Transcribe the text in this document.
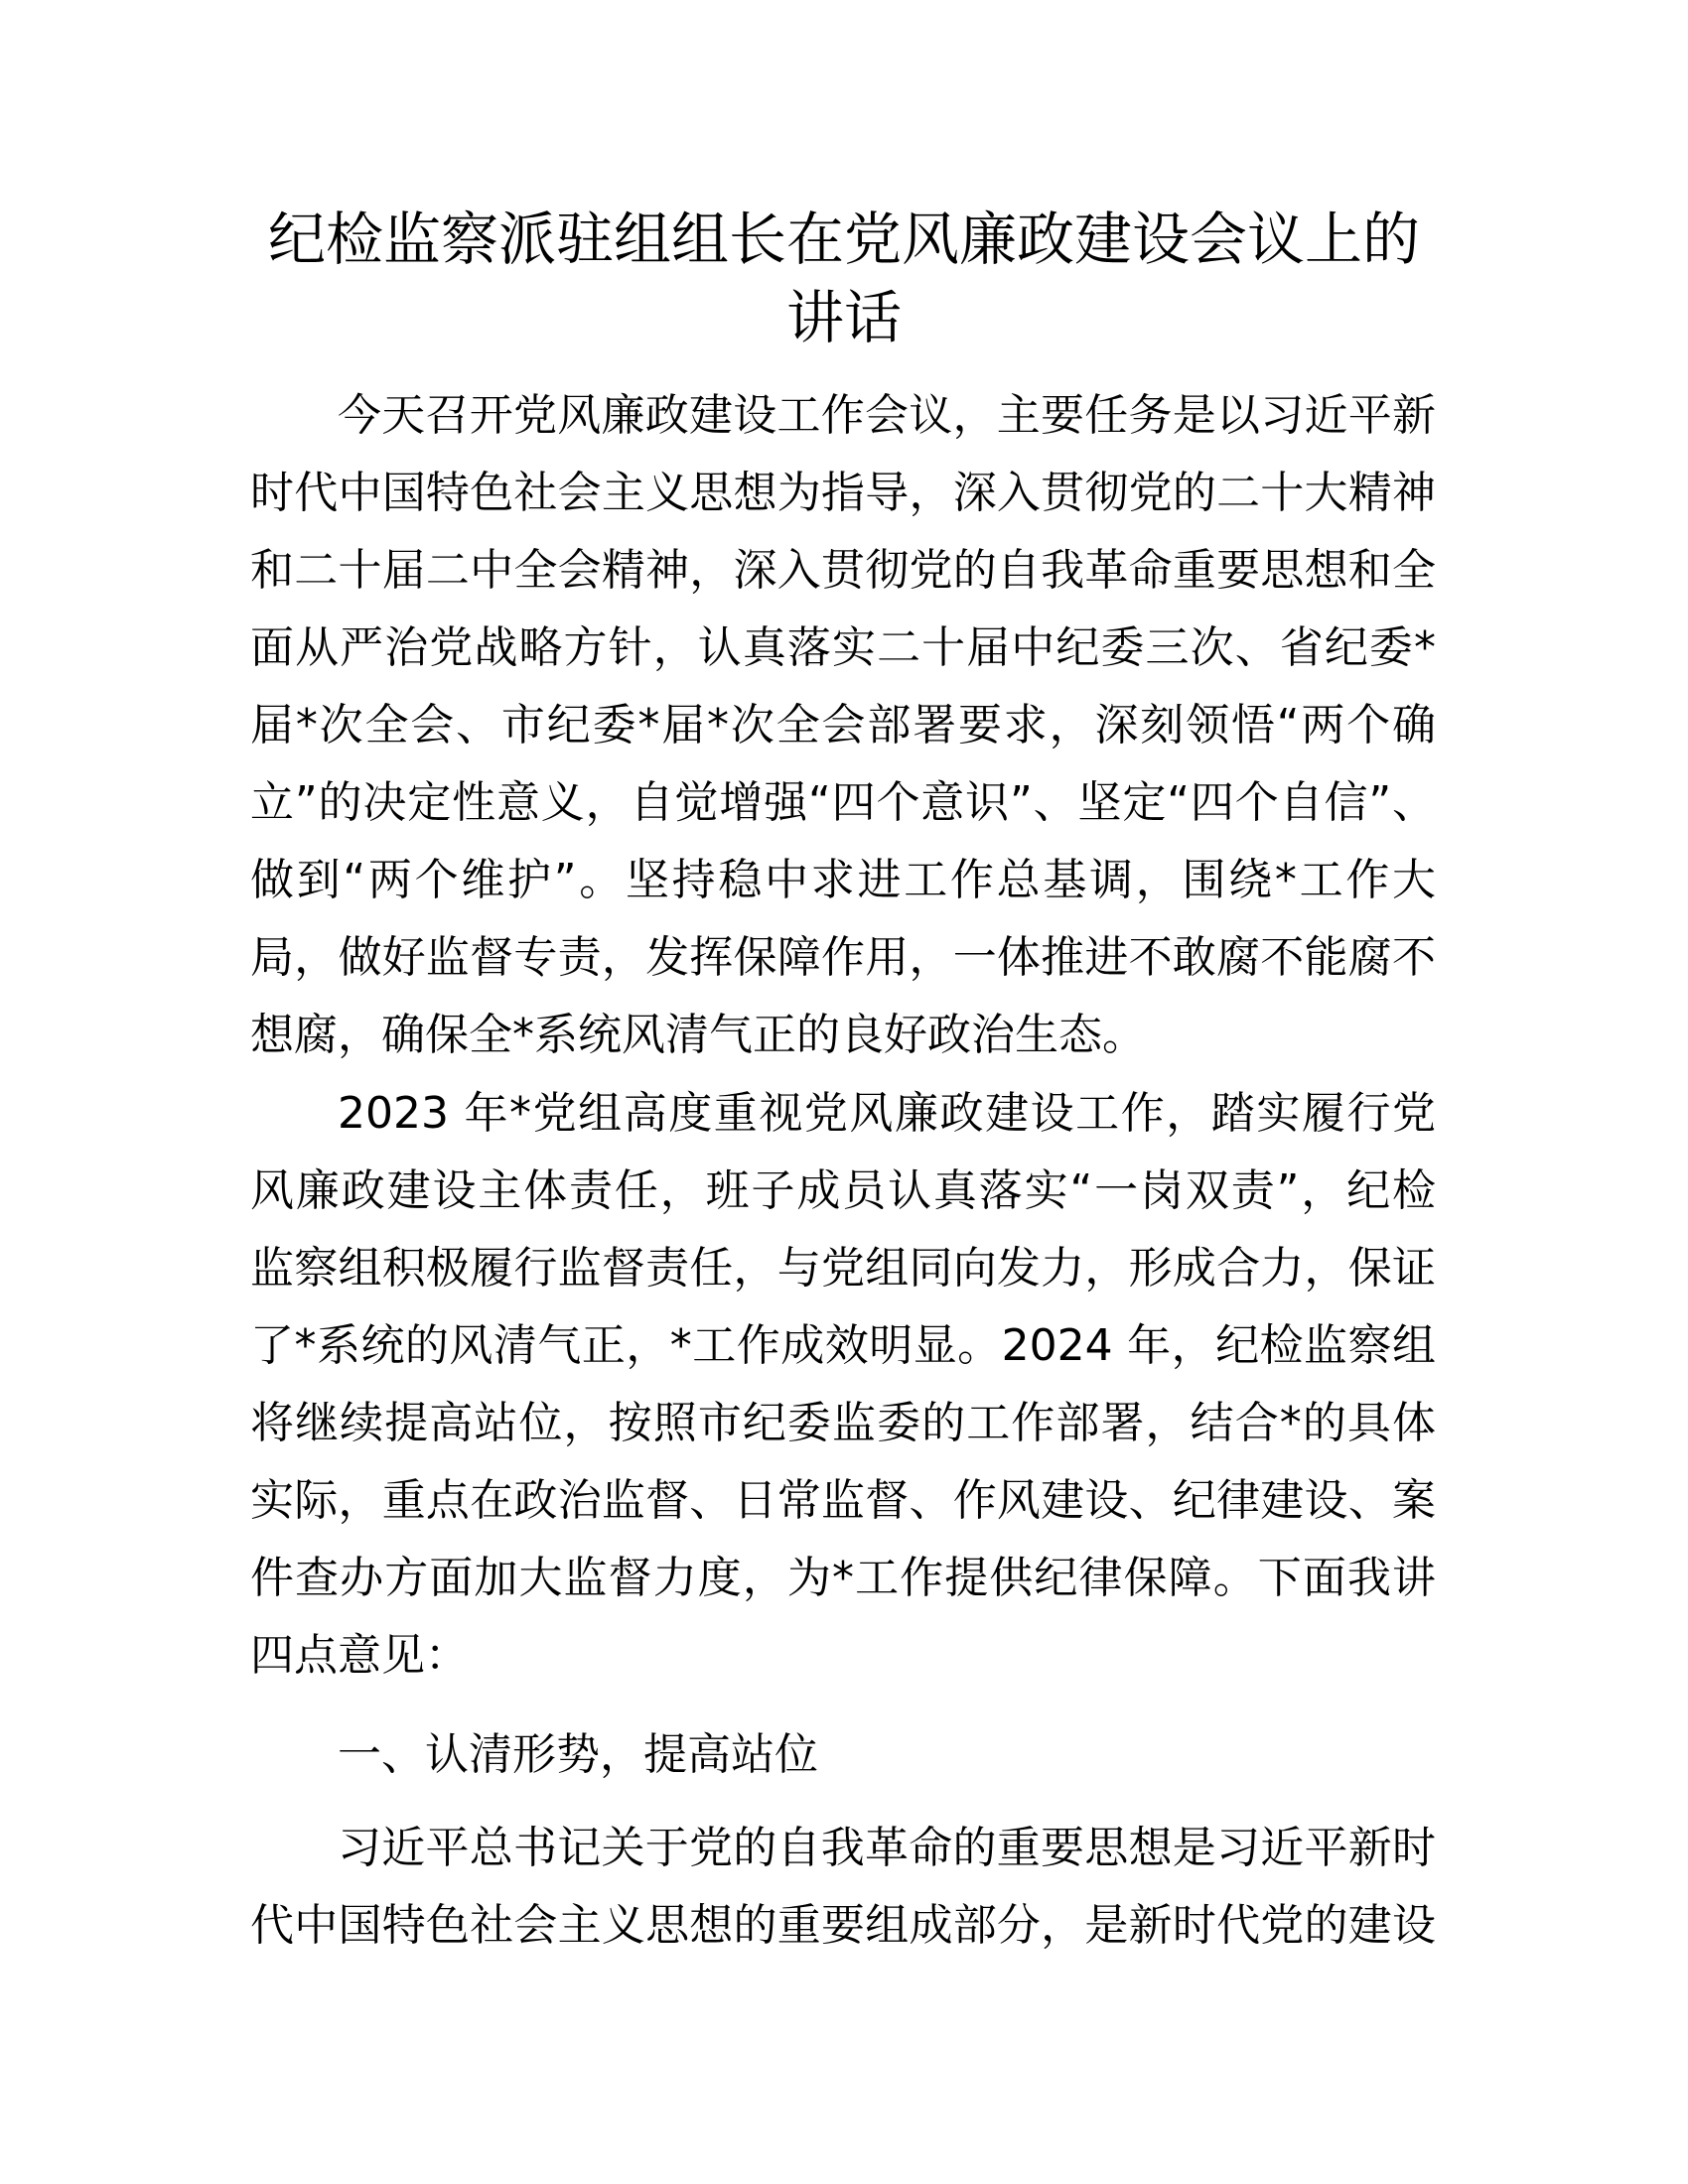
纪检监察派驻组组长在党风廉政建设会议上的
讲话
今天召开党风廉政建设工作会议，主要任务是以习近平新
时代中国特色社会主义思想为指导，深入贯彻党的二十大精神
和二十届二中全会精神，深入贯彻党的自我革命重要思想和全
面从严治党战略方针，认真落实二十届中纪委三次、省纪委*
届*次全会、市纪委*届*次全会部署要求，深刻领悟“两个确
立”的决定性意义，自觉增强“四个意识”、坚定“四个自信”、
做到“两个维护”。坚持稳中求进工作总基调，围绕*工作大
局，做好监督专责，发挥保障作用，一体推进不敢腐不能腐不
想腐，确保全*系统风清气正的良好政治生态。
2023 年*党组高度重视党风廉政建设工作，踏实履行党
风廉政建设主体责任，班子成员认真落实“一岗双责”，纪检
监察组积极履行监督责任，与党组同向发力，形成合力，保证
了*系统的风清气正，*工作成效明显。2024 年，纪检监察组
将继续提高站位，按照市纪委监委的工作部署，结合*的具体
实际，重点在政治监督、日常监督、作风建设、纪律建设、案
件查办方面加大监督力度，为*工作提供纪律保障。下面我讲
四点意见：
一、认清形势，提高站位
习近平总书记关于党的自我革命的重要思想是习近平新时
代中国特色社会主义思想的重要组成部分，是新时代党的建设
